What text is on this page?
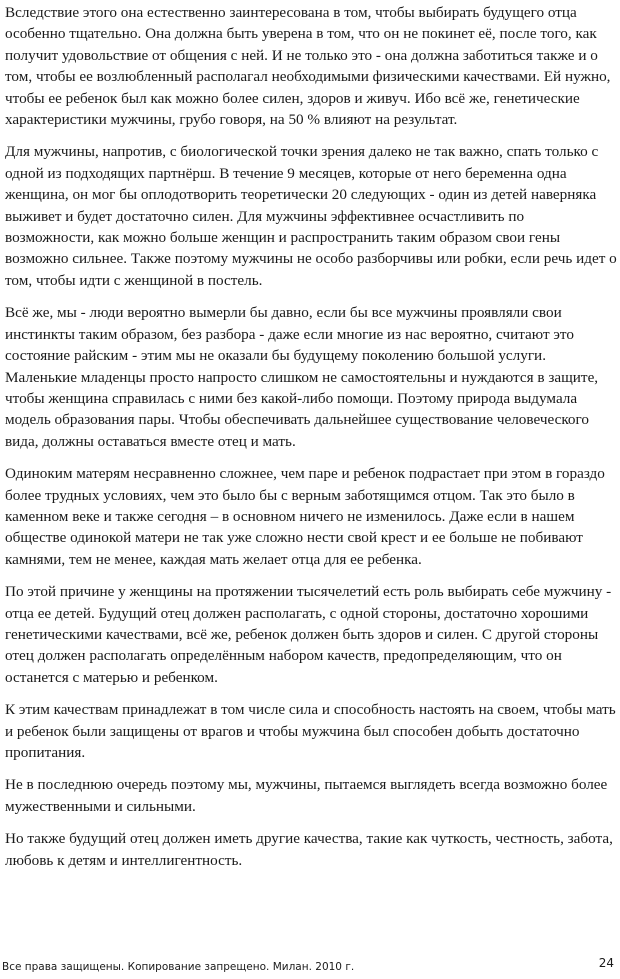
Вследствие этого она естественно заинтересована в том, чтобы выбирать будущего отца особенно тщательно. Она должна быть уверена в том, что он не покинет её, после того, как получит удовольствие от общения с ней. И не только это - она должна заботиться также и о том, чтобы ее возлюбленный располагал необходимыми физическими качествами. Ей нужно, чтобы ее ребенок был как можно более силен, здоров и живуч. Ибо всё же, генетические характеристики мужчины, грубо говоря, на 50 % влияют на результат.

Для мужчины, напротив, с биологической точки зрения далеко не так важно, спать только с одной из подходящих партнёрш. В течение 9 месяцев, которые от него беременна одна женщина, он мог бы оплодотворить теоретически 20 следующих - один из детей наверняка выживет и будет достаточно силен. Для мужчины эффективнее осчастливить по возможности, как можно больше женщин и распространить таким образом свои гены возможно сильнее. Также поэтому мужчины не особо разборчивы или робки, если речь идет о том, чтобы идти с женщиной в постель.

Всё же, мы - люди вероятно вымерли бы давно, если бы все мужчины проявляли свои инстинкты таким образом, без разбора - даже если многие из нас вероятно, считают это состояние райским - этим мы не оказали бы будущему поколению большой услуги. Маленькие младенцы просто напросто слишком не самостоятельны и нуждаются в защите, чтобы женщина справилась с ними без какой-либо помощи. Поэтому природа выдумала модель образования пары. Чтобы обеспечивать дальнейшее существование человеческого вида, должны оставаться вместе отец и мать.

Одиноким матерям несравненно сложнее, чем паре и ребенок подрастает при этом в гораздо более трудных условиях, чем это было бы с верным заботящимся отцом. Так это было в каменном веке и также сегодня – в основном ничего не изменилось. Даже если в нашем обществе одинокой матери не так уже сложно нести свой крест и ее больше не побивают камнями, тем не менее, каждая мать желает отца для ее ребенка.

По этой причине у женщины на протяжении тысячелетий есть роль выбирать себе мужчину - отца ее детей. Будущий отец должен располагать, с одной стороны, достаточно хорошими генетическими качествами, всё же, ребенок должен быть здоров и силен. С другой стороны отец должен располагать определённым набором качеств, предопределяющим, что он останется с матерью и ребенком.

К этим качествам принадлежат в том числе сила и способность настоять на своем, чтобы мать и ребенок были защищены от врагов и чтобы мужчина был способен добыть достаточно пропитания.

Не в последнюю очередь поэтому мы, мужчины, пытаемся выглядеть всегда возможно более мужественными и сильными.

Но также будущий отец должен иметь другие качества, такие как чуткость, честность, забота, любовь к детям и интеллигентность.

Все права защищены. Копирование запрещено. Милан. 2010 г.	24
